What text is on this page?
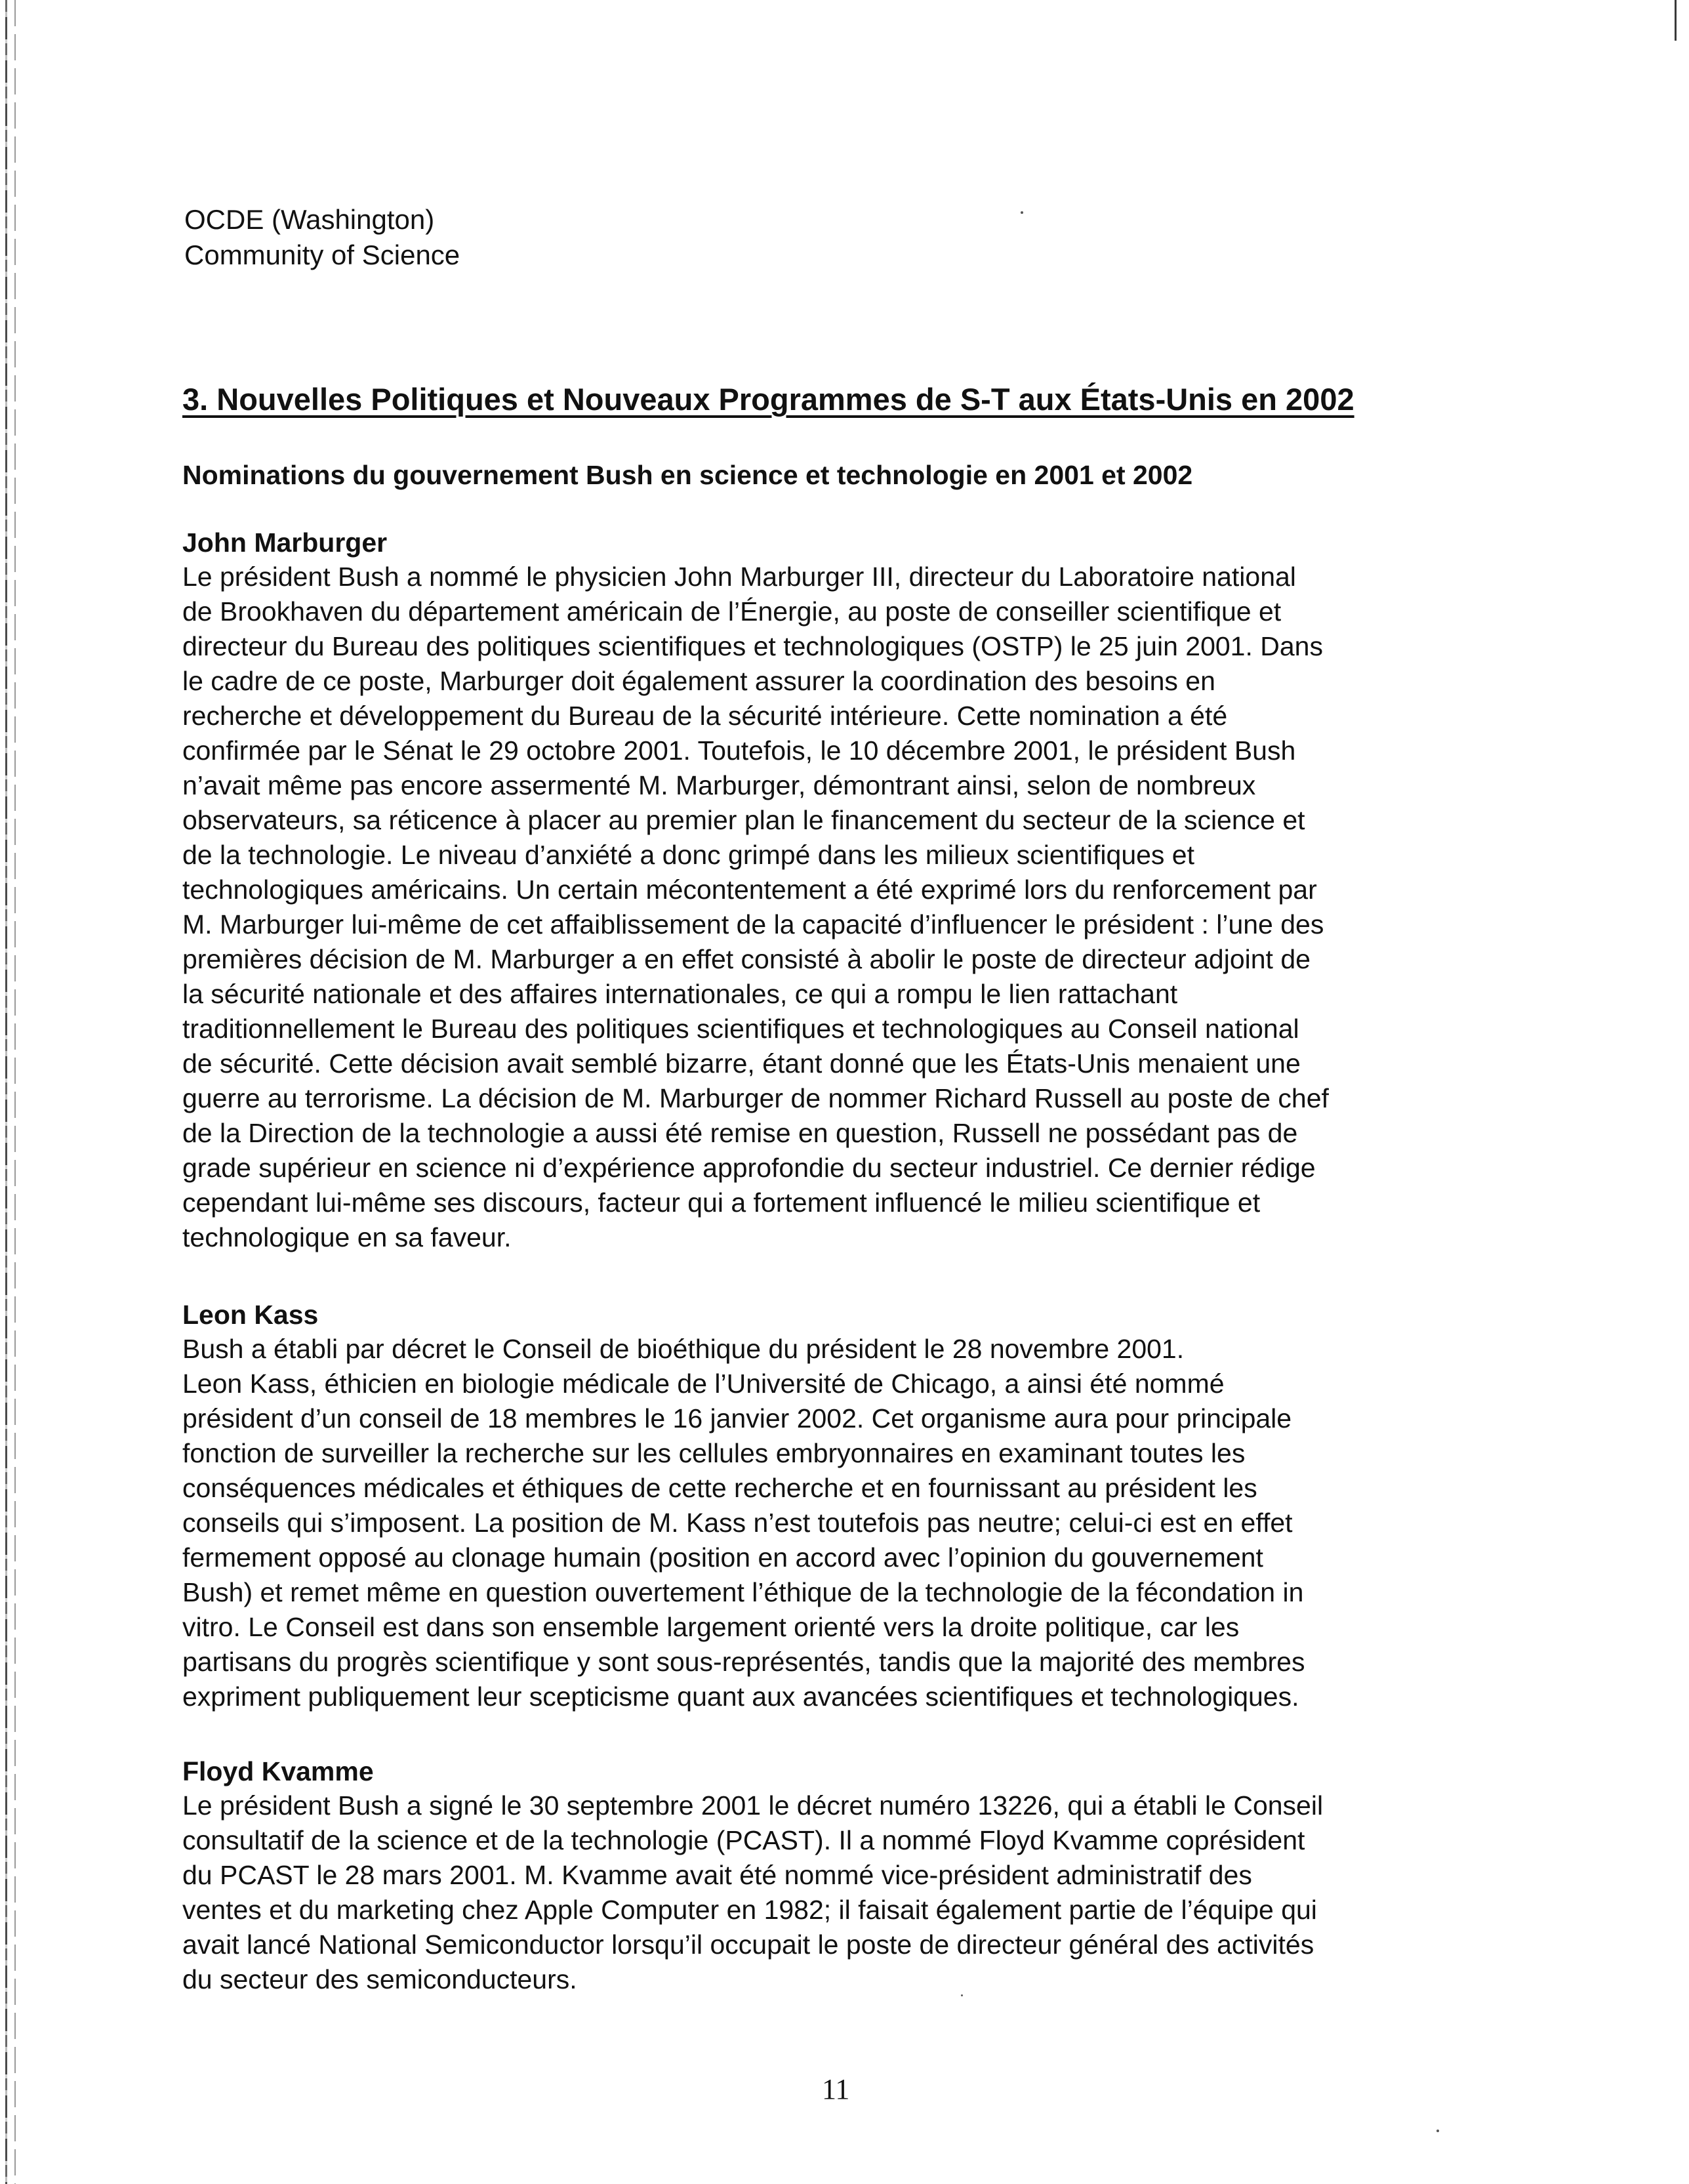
OCDE (Washington)
Community of Science
3. Nouvelles Politiques et Nouveaux Programmes de S-T aux États-Unis en 2002
Nominations du gouvernement Bush en science et technologie en 2001 et 2002

John Marburger

Le président Bush a nommé le physicien John Marburger III, directeur du Laboratoire national
de Brookhaven du département américain de l’Énergie, au poste de conseiller scientifique et
directeur du Bureau des politiques scientifiques et technologiques (OSTP) le 25 juin 2001. Dans
le cadre de ce poste, Marburger doit également assurer la coordination des besoins en
recherche et développement du Bureau de la sécurité intérieure. Cette nomination a été
confirmée par le Sénat le 29 octobre 2001. Toutefois, le 10 décembre 2001, le président Bush
n’avait même pas encore assermenté M. Marburger, démontrant ainsi, selon de nombreux
observateurs, sa réticence à placer au premier plan le financement du secteur de la science et
de la technologie. Le niveau d’anxiété a donc grimpé dans les milieux scientifiques et
technologiques américains. Un certain mécontentement a été exprimé lors du renforcement par
M. Marburger lui-même de cet affaiblissement de la capacité d’influencer le président : l’une des
premières décision de M. Marburger a en effet consisté à abolir le poste de directeur adjoint de
la sécurité nationale et des affaires internationales, ce qui a rompu le lien rattachant
traditionnellement le Bureau des politiques scientifiques et technologiques au Conseil national
de sécurité. Cette décision avait semblé bizarre, étant donné que les États-Unis menaient une
guerre au terrorisme. La décision de M. Marburger de nommer Richard Russell au poste de chef
de la Direction de la technologie a aussi été remise en question, Russell ne possédant pas de
grade supérieur en science ni d’expérience approfondie du secteur industriel. Ce dernier rédige
cependant lui-même ses discours, facteur qui a fortement influencé le milieu scientifique et
technologique en sa faveur.

Leon Kass

Bush a établi par décret le Conseil de bioéthique du président le 28 novembre 2001.
Leon Kass, éthicien en biologie médicale de l’Université de Chicago, a ainsi été nommé
président d’un conseil de 18 membres le 16 janvier 2002. Cet organisme aura pour principale
fonction de surveiller la recherche sur les cellules embryonnaires en examinant toutes les
conséquences médicales et éthiques de cette recherche et en fournissant au président les
conseils qui s’imposent. La position de M. Kass n’est toutefois pas neutre; celui-ci est en effet
fermement opposé au clonage humain (position en accord avec l’opinion du gouvernement
Bush) et remet même en question ouvertement l’éthique de la technologie de la fécondation in
vitro. Le Conseil est dans son ensemble largement orienté vers la droite politique, car les
partisans du progrès scientifique y sont sous-représentés, tandis que la majorité des membres
expriment publiquement leur scepticisme quant aux avancées scientifiques et technologiques.

Floyd Kvamme

Le président Bush a signé le 30 septembre 2001 le décret numéro 13226, qui a établi le Conseil
consultatif de la science et de la technologie (PCAST). Il a nommé Floyd Kvamme coprésident
du PCAST le 28 mars 2001. M. Kvamme avait été nommé vice-président administratif des
ventes et du marketing chez Apple Computer en 1982; il faisait également partie de l’équipe qui
avait lancé National Semiconductor lorsqu’il occupait le poste de directeur général des activités
du secteur des semiconducteurs.
11
